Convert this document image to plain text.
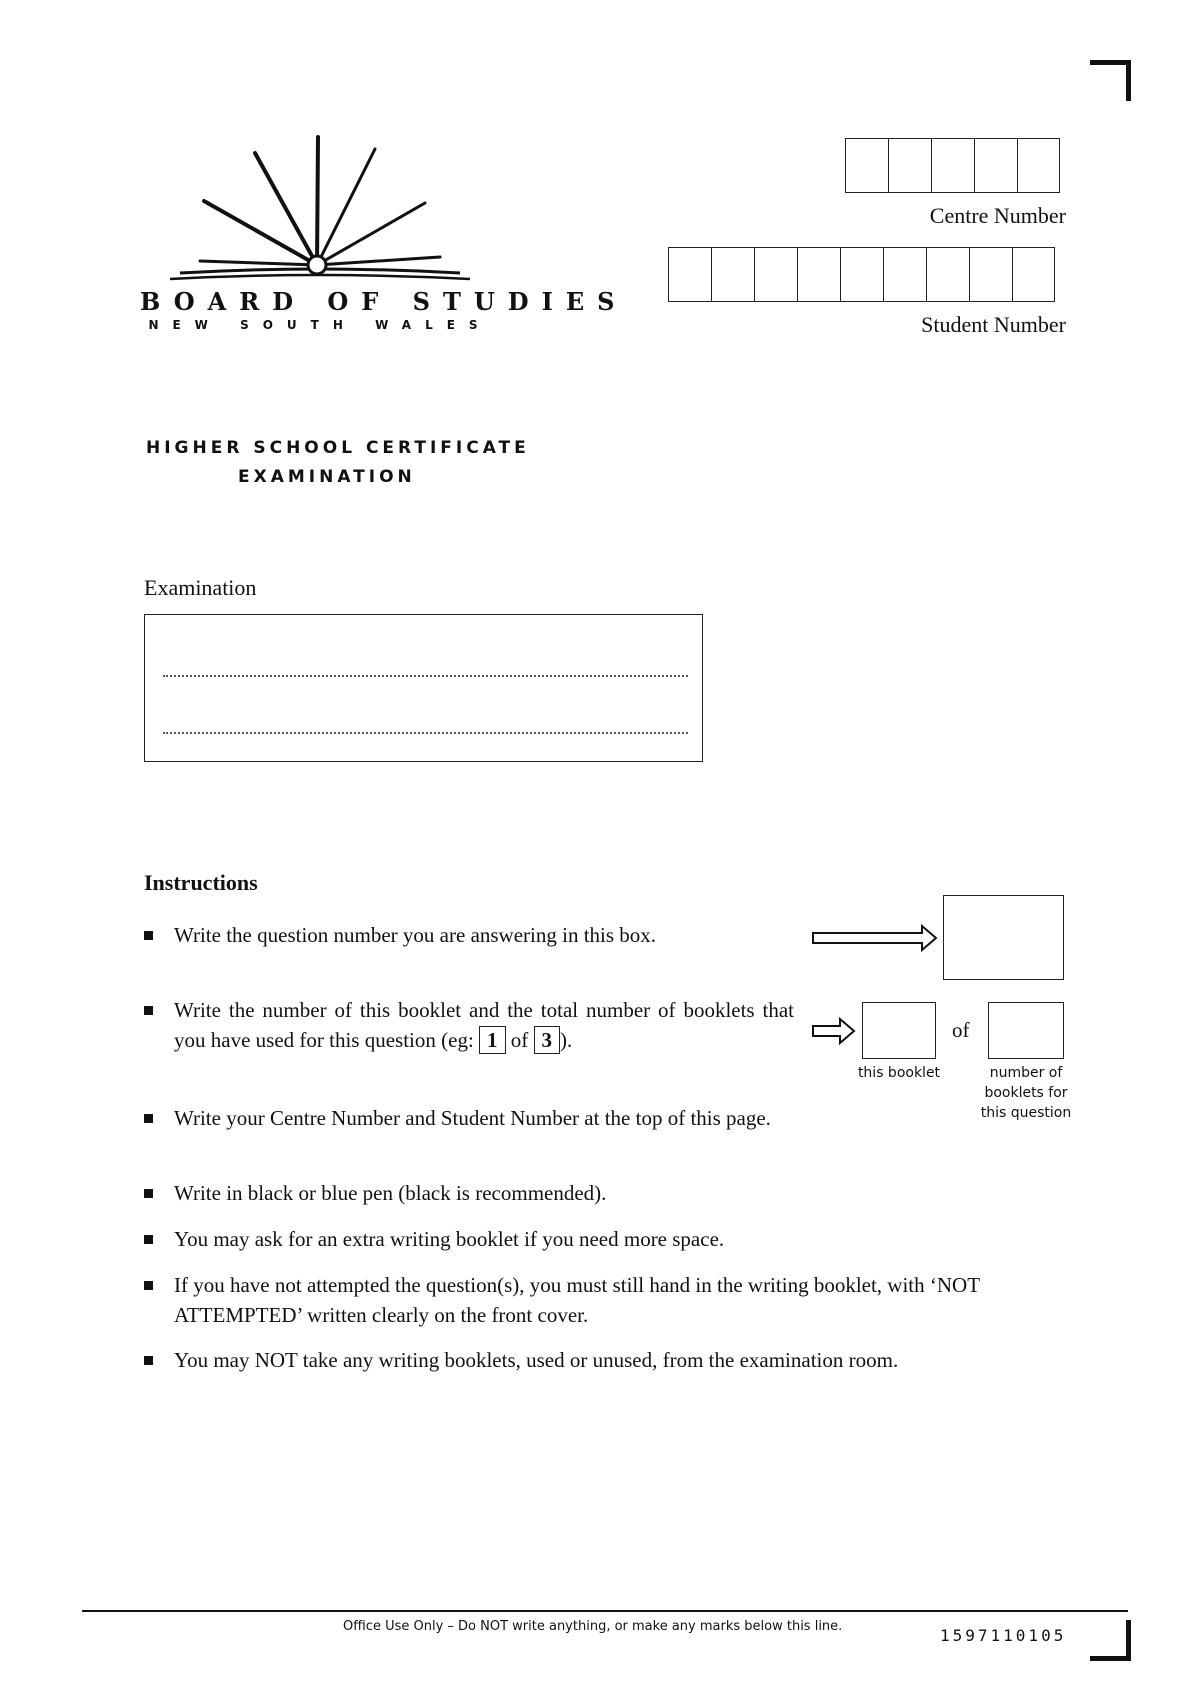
BOARD OF STUDIES
NEW SOUTH WALES
Centre Number
Student Number
HIGHER SCHOOL CERTIFICATE
EXAMINATION
Examination
Instructions
Write the question number you are answering in this box.
Write the number of this booklet and the total number of booklets that you have used for this question (eg: 1 of 3 ).	of
this booklet	number of booklets for this question
Write your Centre Number and Student Number at the top of this page.
Write in black or blue pen (black is recommended).
You may ask for an extra writing booklet if you need more space.
If you have not attempted the question(s), you must still hand in the writing booklet, with ‘NOT ATTEMPTED’ written clearly on the front cover.
You may NOT take any writing booklets, used or unused, from the examination room.
Office Use Only – Do NOT write anything, or make any marks below this line.	1597110105
